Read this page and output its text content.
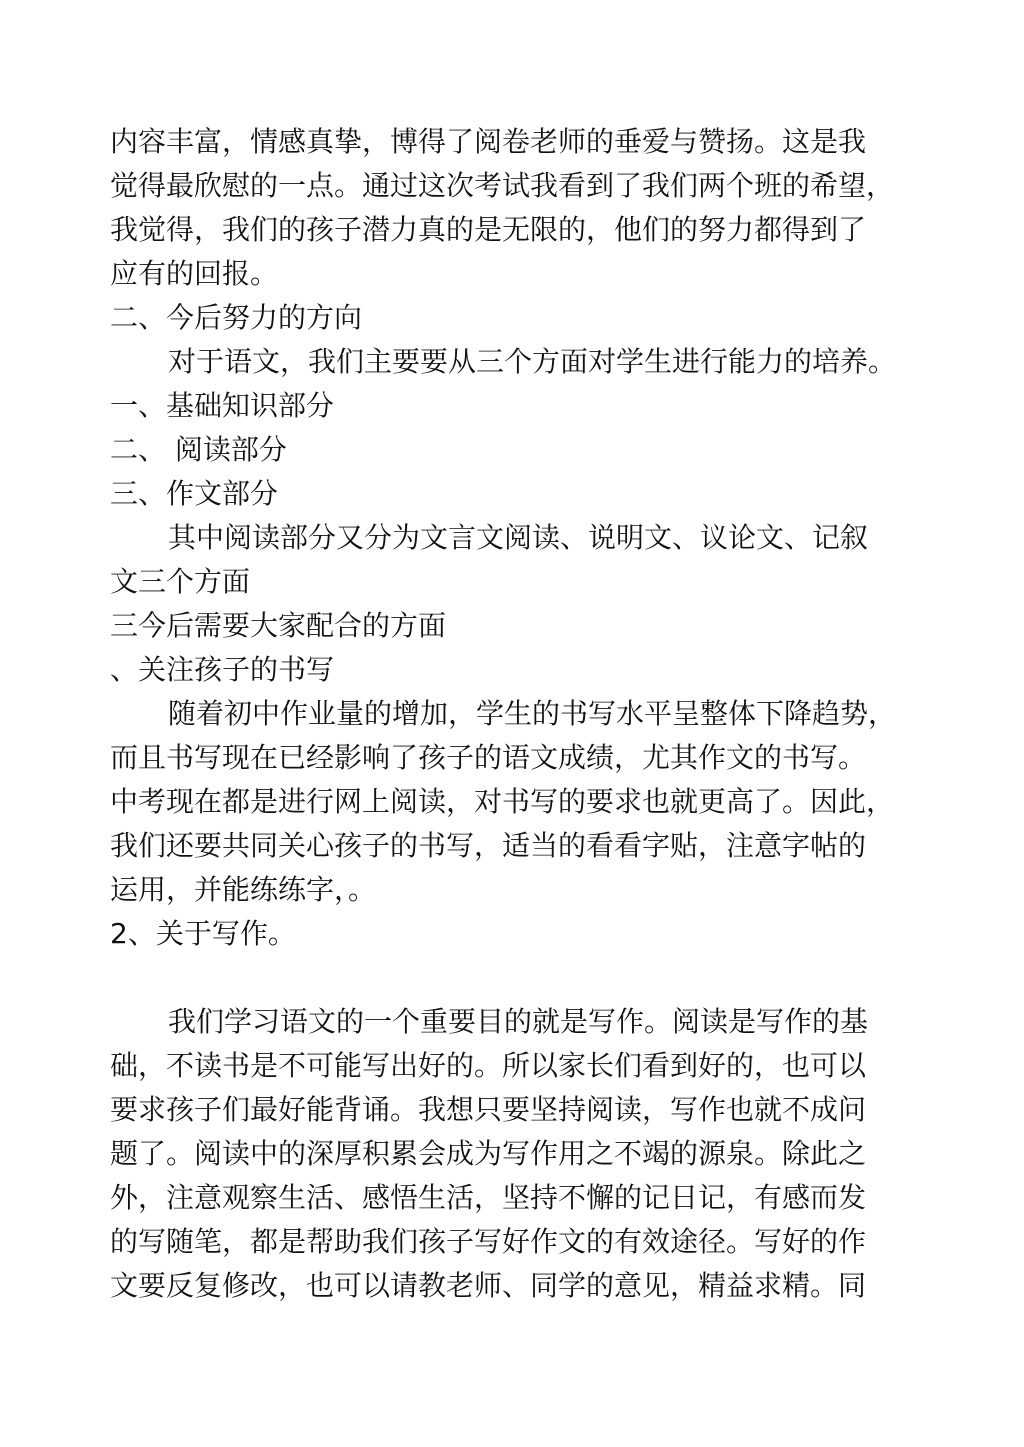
内容丰富，情感真挚，博得了阅卷老师的垂爱与赞扬。这是我
觉得最欣慰的一点。通过这次考试我看到了我们两个班的希望，
我觉得，我们的孩子潜力真的是无限的，他们的努力都得到了
应有的回报。
二、今后努力的方向
对于语文，我们主要要从三个方面对学生进行能力的培养。
一、基础知识部分
二、 阅读部分
三、作文部分
其中阅读部分又分为文言文阅读、说明文、议论文、记叙
文三个方面
三今后需要大家配合的方面
、关注孩子的书写
随着初中作业量的增加，学生的书写水平呈整体下降趋势，
而且书写现在已经影响了孩子的语文成绩，尤其作文的书写。
中考现在都是进行网上阅读，对书写的要求也就更高了。因此，
我们还要共同关心孩子的书写，适当的看看字贴，注意字帖的
运用，并能练练字，。
2、关于写作。
我们学习语文的一个重要目的就是写作。阅读是写作的基
础，不读书是不可能写出好的。所以家长们看到好的，也可以
要求孩子们最好能背诵。我想只要坚持阅读，写作也就不成问
题了。阅读中的深厚积累会成为写作用之不竭的源泉。除此之
外，注意观察生活、感悟生活，坚持不懈的记日记，有感而发
的写随笔，都是帮助我们孩子写好作文的有效途径。写好的作
文要反复修改，也可以请教老师、同学的意见，精益求精。同
